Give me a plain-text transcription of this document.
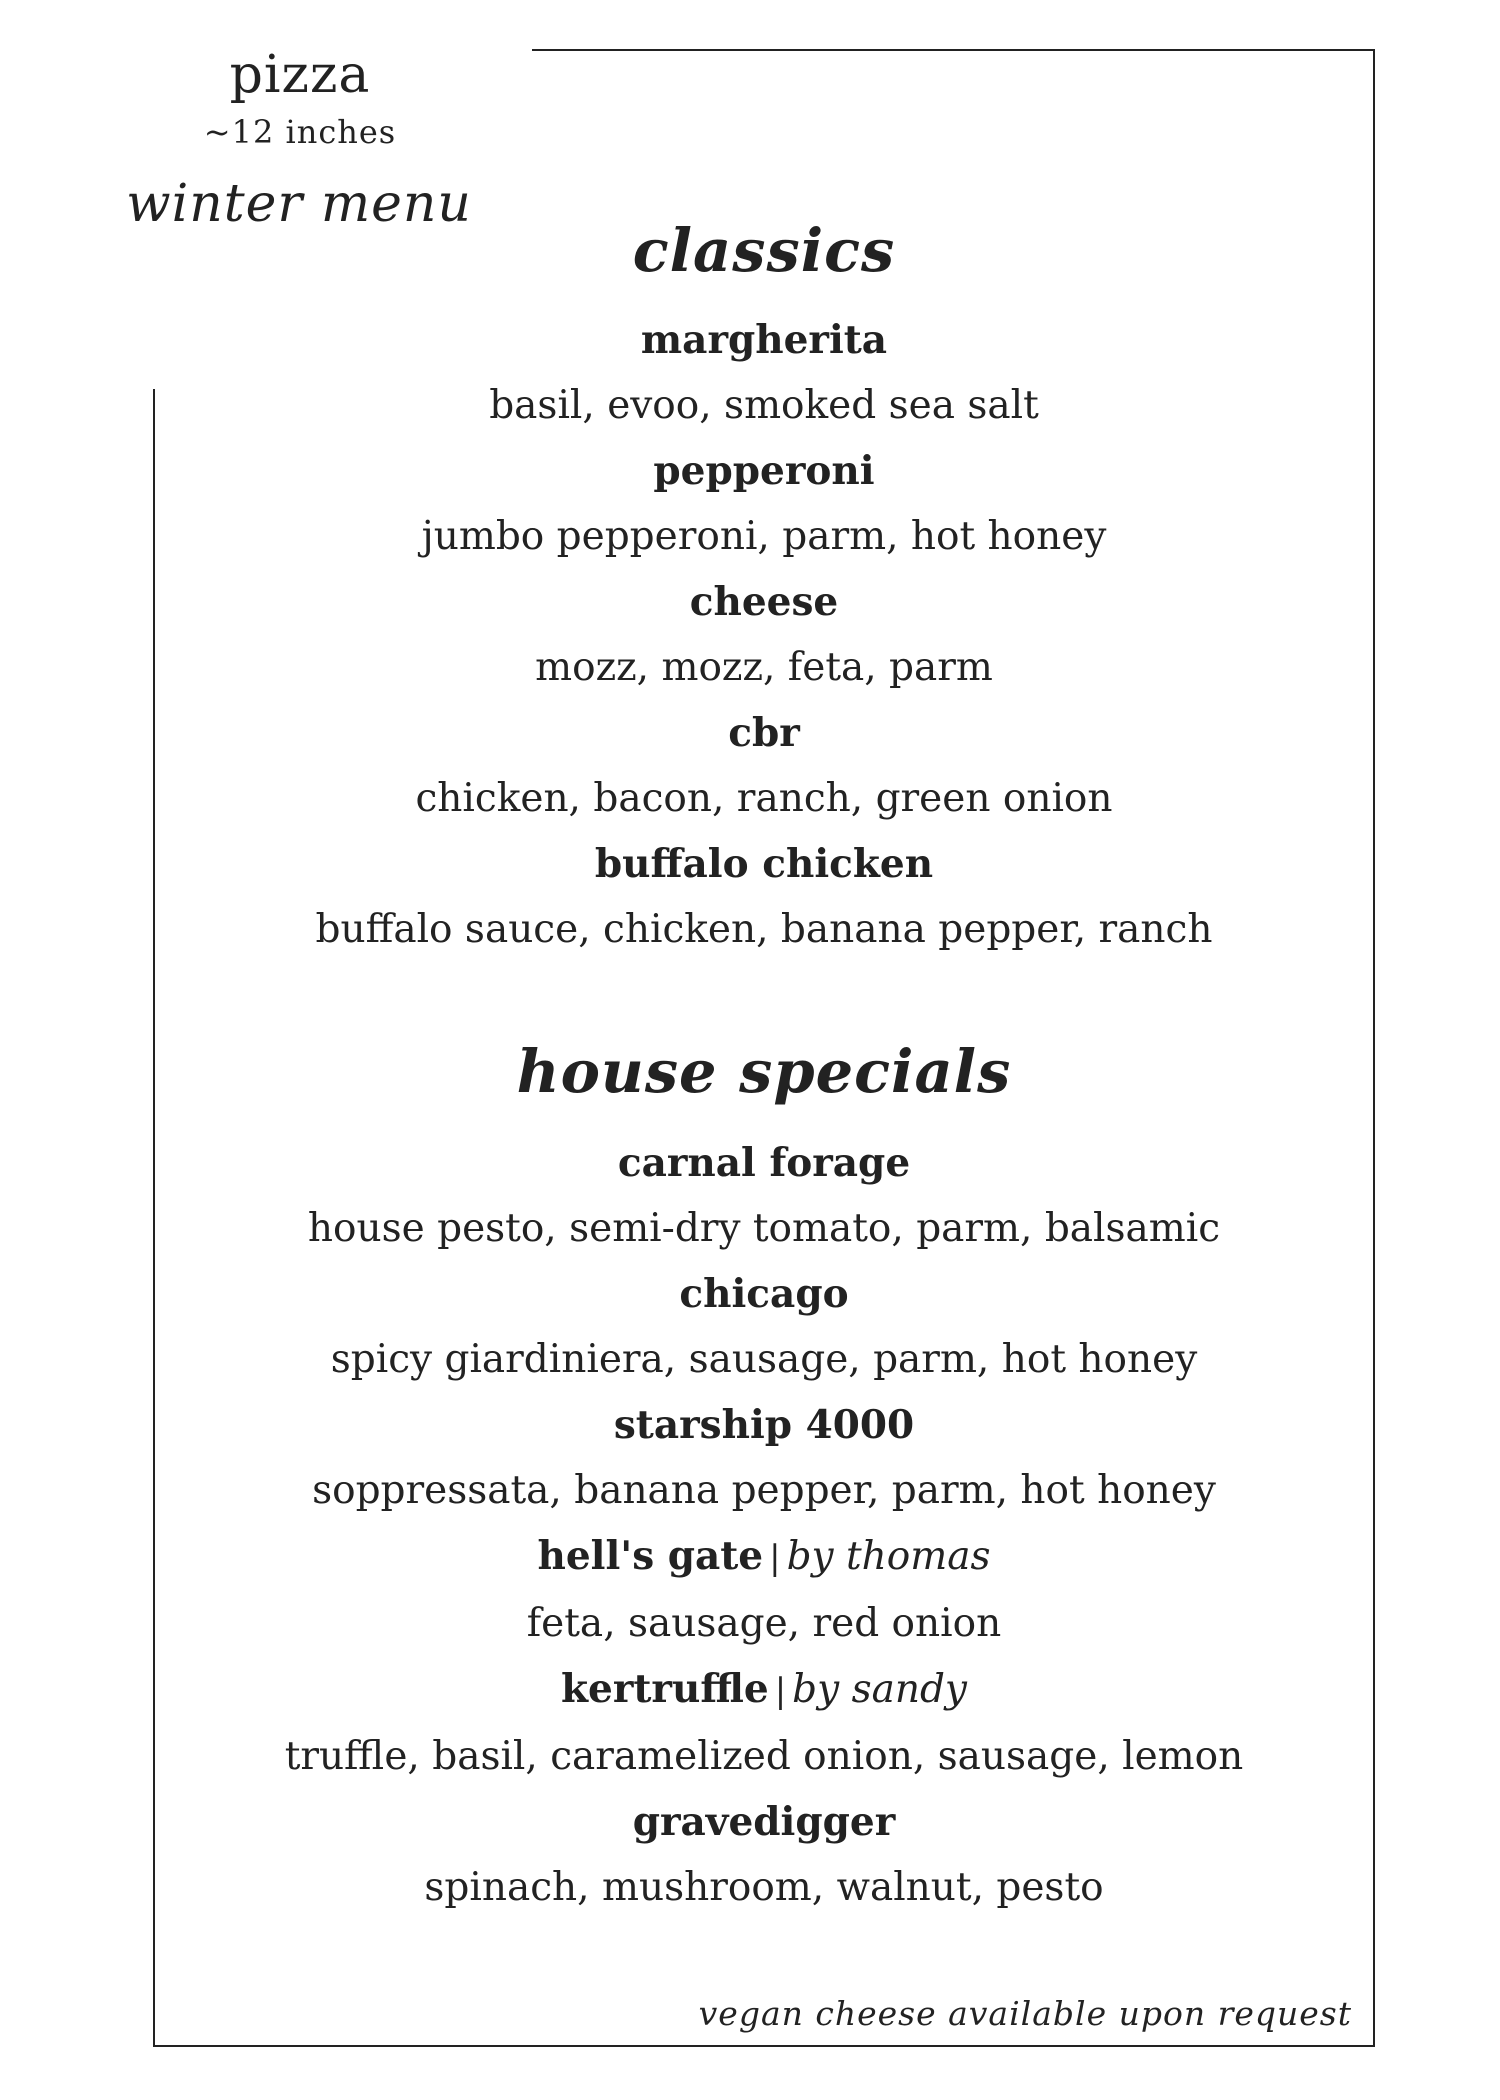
pizza
~12 inches
winter menu
classics
margherita
basil, evoo, smoked sea salt
pepperoni
jumbo pepperoni, parm, hot honey
cheese
mozz, mozz, feta, parm
cbr
chicken, bacon, ranch, green onion
buffalo chicken
buffalo sauce, chicken, banana pepper, ranch
house specials
carnal forage
house pesto, semi-dry tomato, parm, balsamic
chicago
spicy giardiniera, sausage, parm, hot honey
starship 4000
soppressata, banana pepper, parm, hot honey
hell's gate | by thomas
feta, sausage, red onion
kertruffle | by sandy
truffle, basil, caramelized onion, sausage, lemon
gravedigger
spinach, mushroom, walnut, pesto
vegan cheese available upon request
